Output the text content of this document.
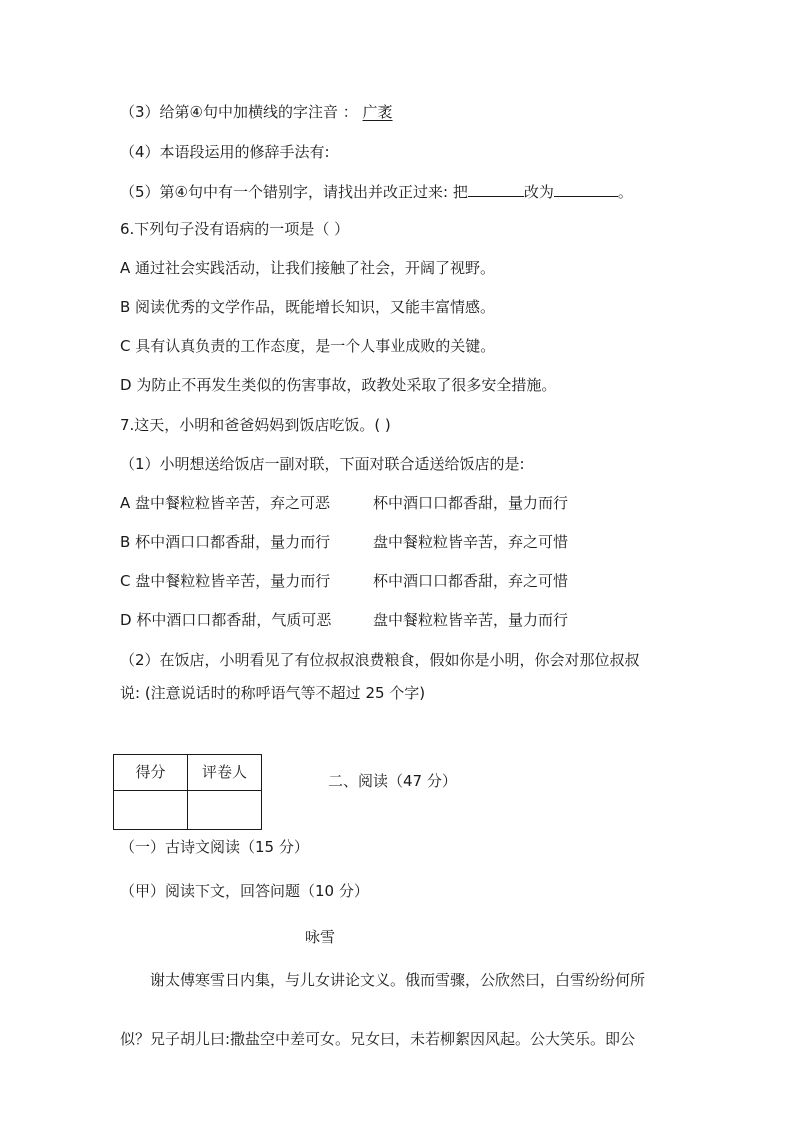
（3）给第④句中加横线的字注音 ： 广袤
（4）本语段运用的修辞手法有:
（5）第④句中有一个错别字，请找出并改正过来: 把	改为	。
6.下列句子没有语病的一项是（ ）
A 通过社会实践活动，让我们接触了社会，开阔了视野。
B 阅读优秀的文学作品，既能增长知识，又能丰富情感。
C 具有认真负责的工作态度，是一个人事业成败的关键。
D 为防止不再发生类似的伤害事故，政教处采取了很多安全措施。
7.这天，小明和爸爸妈妈到饭店吃饭。( )
（1）小明想送给饭店一副对联，下面对联合适送给饭店的是:
A 盘中餐粒粒皆辛苦，弃之可恶	杯中酒口口都香甜，量力而行
B 杯中酒口口都香甜，量力而行	盘中餐粒粒皆辛苦，弃之可惜
C 盘中餐粒粒皆辛苦，量力而行	杯中酒口口都香甜，弃之可惜
D 杯中酒口口都香甜，气质可恶	盘中餐粒粒皆辛苦，量力而行
（2）在饭店，小明看见了有位叔叔浪费粮食，假如你是小明，你会对那位叔叔
说: (注意说话时的称呼语气等不超过 25 个字)
得分	评卷人
		二、阅读（47 分）
（一）古诗文阅读（15 分）
（甲）阅读下文，回答问题（10 分）
咏雪
谢太傅寒雪日内集，与儿女讲论文义。俄而雪骤，公欣然曰，白雪纷纷何所
似？兄子胡儿曰:撒盐空中差可女。兄女曰，未若柳絮因风起。公大笑乐。即公
